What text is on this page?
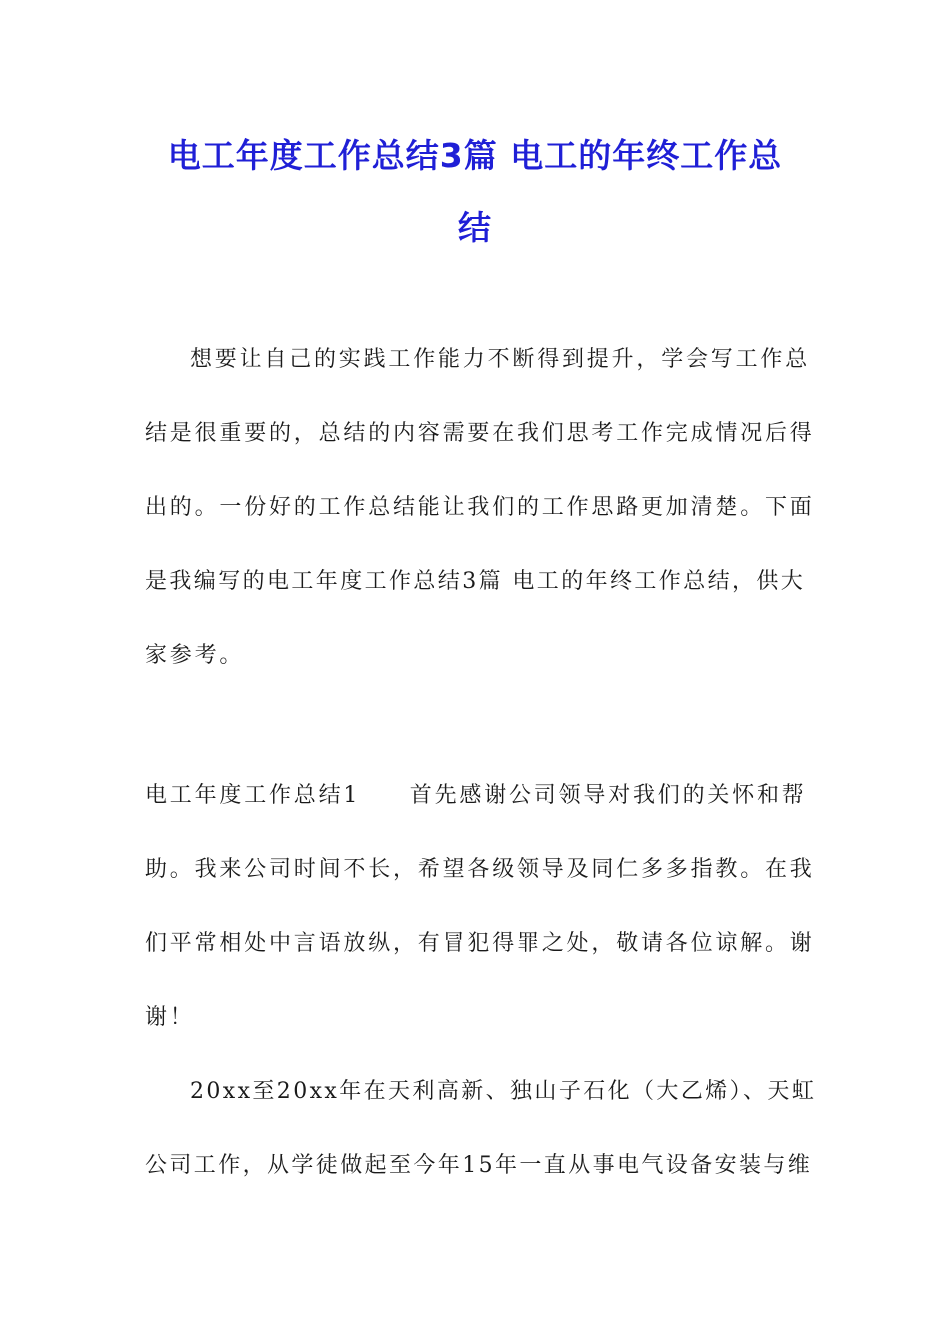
电工年度工作总结3篇 电工的年终工作总
结
想要让自己的实践工作能力不断得到提升，学会写工作总
结是很重要的，总结的内容需要在我们思考工作完成情况后得
出的。一份好的工作总结能让我们的工作思路更加清楚。下面
是我编写的电工年度工作总结3篇 电工的年终工作总结，供大
家参考。
电工年度工作总结1　　首先感谢公司领导对我们的关怀和帮
助。我来公司时间不长，希望各级领导及同仁多多指教。在我
们平常相处中言语放纵，有冒犯得罪之处，敬请各位谅解。谢
谢！
20xx至20xx年在天利高新、独山子石化（大乙烯）、天虹
公司工作，从学徒做起至今年15年一直从事电气设备安装与维
